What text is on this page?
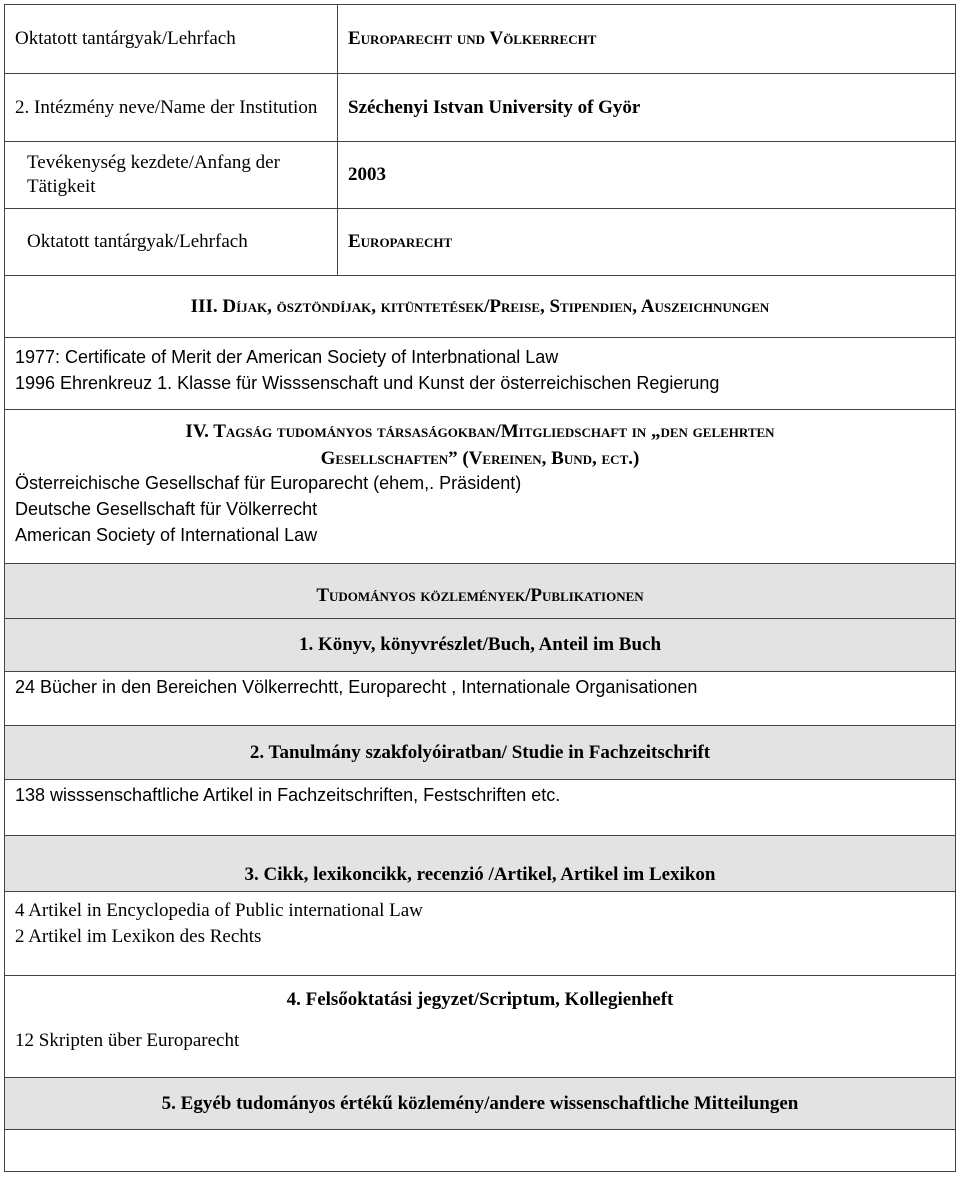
Oktatott tantárgyak/Lehrfach	Europarecht und Völkerrecht
2. Intézmény neve/Name der Institution	Széchenyi Istvan University of Györ
Tevékenység kezdete/Anfang der Tätigkeit	2003
Oktatott tantárgyak/Lehrfach	Europarecht
III. Díjak, ösztöndíjak, kitüntetések/Preise, Stipendien, Auszeichnungen	

1977: Certificate of Merit der American Society of Interbnational Law
1996 Ehrenkreuz 1. Klasse für Wisssenschaft und Kunst der österreichischen Regierung	

IV. Tagság tudományos társaságokban/Mitgliedschaft in „den gelehrten
Gesellschaften” (Vereinen, Bund, ect.)
Österreichische Gesellschaf für Europarecht (ehem,. Präsident)
Deutsche Gesellschaft für Völkerrecht
American Society of International Law	

Tudományos közlemények/Publikationen	
1. Könyv, könyvrészlet/Buch, Anteil im Buch	

24 Bücher in den Bereichen Völkerrechtt, Europarecht , Internationale Organisationen	

2. Tanulmány szakfolyóiratban/ Studie in Fachzeitschrift	

138 wisssenschaftliche Artikel in Fachzeitschriften, Festschriften etc.	

3. Cikk, lexikoncikk, recenzió /Artikel, Artikel im Lexikon	

4 Artikel in Encyclopedia of Public international Law
2 Artikel im Lexikon des Rechts	

4. Felsőoktatási jegyzet/Scriptum, Kollegienheft
12 Skripten über Europarecht	

5. Egyéb tudományos értékű közlemény/andere wissenschaftliche Mitteilungen	
